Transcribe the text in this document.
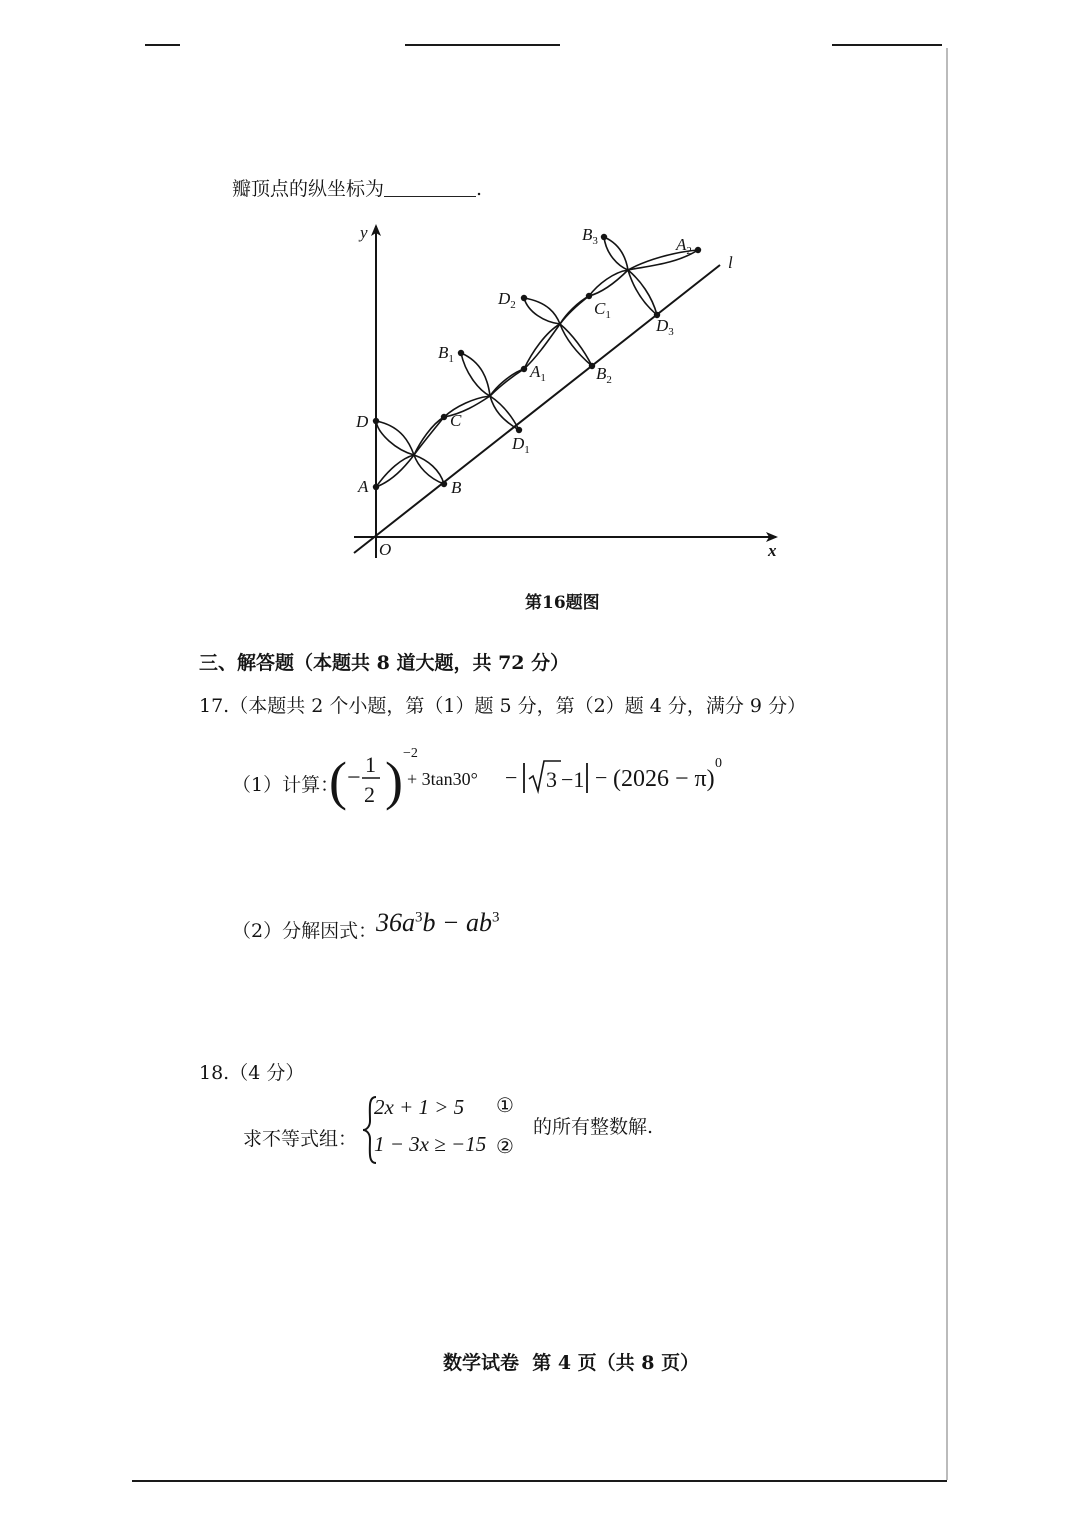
瓣顶点的纵坐标为	.
y
x
O
l
A
D
B
C
$B_1$
$D_1$
$A_1$
$D_2$
$B_2$
$C_1$
$D_3$
$B_3$	$A_2$
第16题图
三、解答题（本题共 8 道大题，共 72 分）
17.（本题共 2 个小题，第（1）题 5 分，第（2）题 4 分，满分 9 分）
（1）计算：
( −
1
2 ) −2
+ 3tan30° − 3 −1 − (2026 − π)
0
（2）分解因式：
$36a^3b - ab^3$
18.（4 分）
求不等式组：
2x + 1 > 5 ①
1 − 3x ≥ −15 ②
的所有整数解.
数学试卷  第 4 页（共 8 页）
